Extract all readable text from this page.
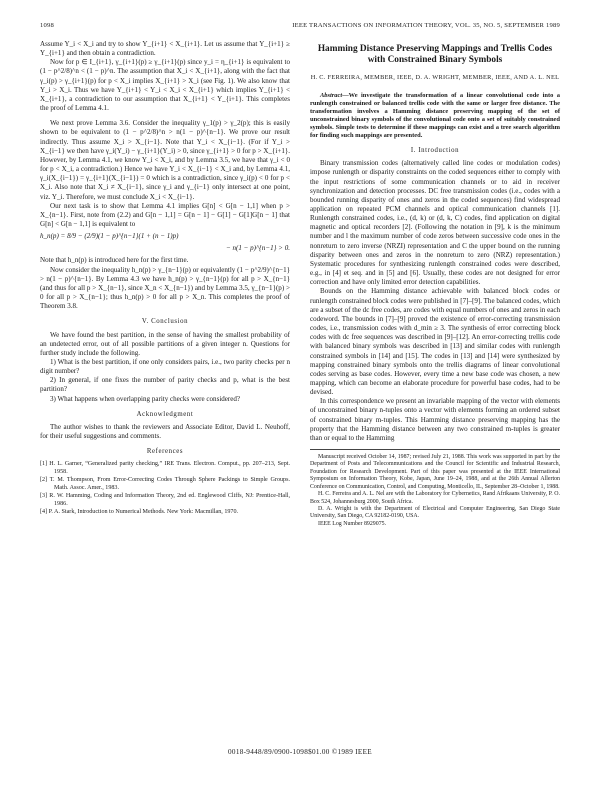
1098	IEEE TRANSACTIONS ON INFORMATION THEORY, VOL. 35, NO. 5, SEPTEMBER 1989

Assume Y_i < X_i and try to show Y_{i+1} < X_{i+1}. Let us assume that Y_{i+1} ≥ Y_{i+1} and then obtain a contradiction.

Now for p ∈ I_{i+1}, γ_{i+1}(p) ≥ γ_{i+1}(p) since y_i = η_{i+1} is equivalent to (1 − p^2/8)^n < (1 − p)^n. The assumption that X_i < X_{i+1}, along with the fact that γ_i(p) > γ_{i+1}(p) for p < X_i implies X_{i+1} > X_i (see Fig. 1). We also know that Y_i > X_i. Thus we have Y_{i+1} < Y_i < X_i < X_{i+1} which implies Y_{i+1} < X_{i+1}, a contradiction to our assumption that X_{i+1} < Y_{i+1}. This completes the proof of Lemma 4.1.

We next prove Lemma 3.6. Consider the inequality γ_1(p) > γ_2(p); this is easily shown to be equivalent to (1 − p^2/8)^n > n(1 − p)^{n−1}. We prove our result indirectly. Thus assume X_i > X_{i−1}. Note that Y_i < X_{i−1}. (For if Y_i > X_{i−1} we then have γ_i(Y_i) − γ_{i+1}(Y_i) > 0, since γ_{i+1} > 0 for p > X_{i+1}. However, by Lemma 4.1, we know Y_i < X_i, and by Lemma 3.5, we have that γ_i < 0 for p < X_i, a contradiction.) Hence we have Y_i < X_{i−1} < X_i and, by Lemma 4.1, γ_i(X_{i−1}) = γ_{i+1}(X_{i−1}) = 0 which is a contradiction, since γ_i(p) < 0 for p < X_i. Also note that X_i ≠ X_{i−1}, since γ_i and γ_{i−1} only intersect at one point, viz. Y_i. Therefore, we must conclude X_i < X_{i−1}.

Our next task is to show that Lemma 4.1 implies G[n] < G[n − 1,1] when p > X_{n−1}. First, note from (2.2) and G[n − 1,1] = G[n − 1] − G[1] − G[1]G[n − 1] that G[n] < G[n − 1,1] is equivalent to

h_n(p) = 8/9 − (2/9)(1 − p)^{n−1}(1 + (n − 1)p)
− n(1 − p)^{n−1} > 0.

Note that h_n(p) is introduced here for the first time.

Now consider the inequality h_n(p) > γ_{n−1}(p) or equivalently (1 − p^2/9)^{n−1} > n(1 − p)^{n−1}. By Lemma 4.3 we have h_n(p) > γ_{n−1}(p) for all p > X_{n−1} (and thus for all p > X_{n−1}, since X_n < X_{n−1}) and by Lemma 3.5, γ_{n−1}(p) > 0 for all p > X_{n−1}; thus h_n(p) > 0 for all p > X_n. This completes the proof of Theorem 3.8.

V. Conclusion

We have found the best partition, in the sense of having the smallest probability of an undetected error, out of all possible partitions of a given integer n. Questions for further study include the following.

1) What is the best partition, if one only considers pairs, i.e., two parity checks per n digit number?

2) In general, if one fixes the number of parity checks and p, what is the best partition?

3) What happens when overlapping parity checks were considered?

Acknowledgment

The author wishes to thank the reviewers and Associate Editor, David L. Neuhoff, for their useful suggestions and comments.

References

[1] H. L. Garner, “Generalized parity checking,” IRE Trans. Electron. Comput., pp. 207–213, Sept. 1958.

[2] T. M. Thompson, From Error-Correcting Codes Through Sphere Packings to Simple Groups. Math. Assoc. Amer., 1983.

[3] R. W. Hamming, Coding and Information Theory, 2nd ed. Englewood Cliffs, NJ: Prentice-Hall, 1986.

[4] P. A. Stark, Introduction to Numerical Methods. New York: Macmillan, 1970.

Hamming Distance Preserving Mappings and Trellis Codes with Constrained Binary Symbols
H. C. FERREIRA, MEMBER, IEEE, D. A. WRIGHT, MEMBER, IEEE, AND A. L. NEL

Abstract—We investigate the transformation of a linear convolutional code into a runlength constrained or balanced trellis code with the same or larger free distance. The transformation involves a Hamming distance preserving mapping of the set of unconstrained binary symbols of the convolutional code onto a set of suitably constrained symbols. Simple tests to determine if these mappings can exist and a tree search algorithm for finding such mappings are presented.

I. Introduction

Binary transmission codes (alternatively called line codes or modulation codes) impose runlength or disparity constraints on the coded sequences either to comply with the input restrictions of some communication channels or to aid in receiver synchronization and detection processes. DC free transmission codes (i.e., codes with a bounded running disparity of ones and zeros in the coded sequences) find widespread application on repeated PCM channels and optical communication channels [1]. Runlength constrained codes, i.e., (d, k) or (d, k, C) codes, find application on digital magnetic and optical recorders [2]. (Following the notation in [9], k is the minimum number and l the maximum number of code zeros between successive code ones in the nonreturn to zero inverse (NRZI) representation and C the upper bound on the running disparity between ones and zeros in the nonreturn to zero (NRZ) representation.) Systematic procedures for synthesizing runlength constrained codes were described, e.g., in [4] et seq. and in [5] and [6]. Usually, these codes are not designed for error correction and have only limited error detection capabilities.

Bounds on the Hamming distance achievable with balanced block codes or runlength constrained block codes were published in [7]–[9]. The balanced codes, which are a subset of the dc free codes, are codes with equal numbers of ones and zeros in each codeword. The bounds in [7]–[9] proved the existence of error-correcting transmission codes, i.e., transmission codes with d_min ≥ 3. The synthesis of error correcting block codes with dc free sequences was described in [9]–[12]. An error-correcting trellis code with balanced binary symbols was described in [13] and similar codes with runlength constrained symbols in [14] and [15]. The codes in [13] and [14] were synthesized by mapping constrained binary symbols onto the trellis diagrams of linear convolutional codes serving as base codes. However, every time a new base code was chosen, a new mapping, which can become an elaborate procedure for powerful base codes, had to be devised.

In this correspondence we present an invariable mapping of the vector with elements of unconstrained binary n-tuples onto a vector with elements forming an ordered subset of constrained binary m-tuples. This Hamming distance preserving mapping has the property that the Hamming distance between any two constrained m-tuples is greater than or equal to the Hamming

Manuscript received October 14, 1987; revised July 21, 1988. This work was supported in part by the Department of Posts and Telecommunications and the Council for Scientific and Industrial Research, Foundation for Research Development. Part of this paper was presented at the IEEE International Symposium on Information Theory, Kobe, Japan, June 19–24, 1988, and at the 26th Annual Allerton Conference on Communication, Control, and Computing, Monticello, IL, September 28–October 1, 1988.

H. C. Ferreira and A. L. Nel are with the Laboratory for Cybernetics, Rand Afrikaans University, P. O. Box 524, Johannesburg 2000, South Africa.

D. A. Wright is with the Department of Electrical and Computer Engineering, San Diego State University, San Diego, CA 92182-0190, USA.

IEEE Log Number 8929075.

0018-9448/89/0900-1098$01.00 ©1989 IEEE
